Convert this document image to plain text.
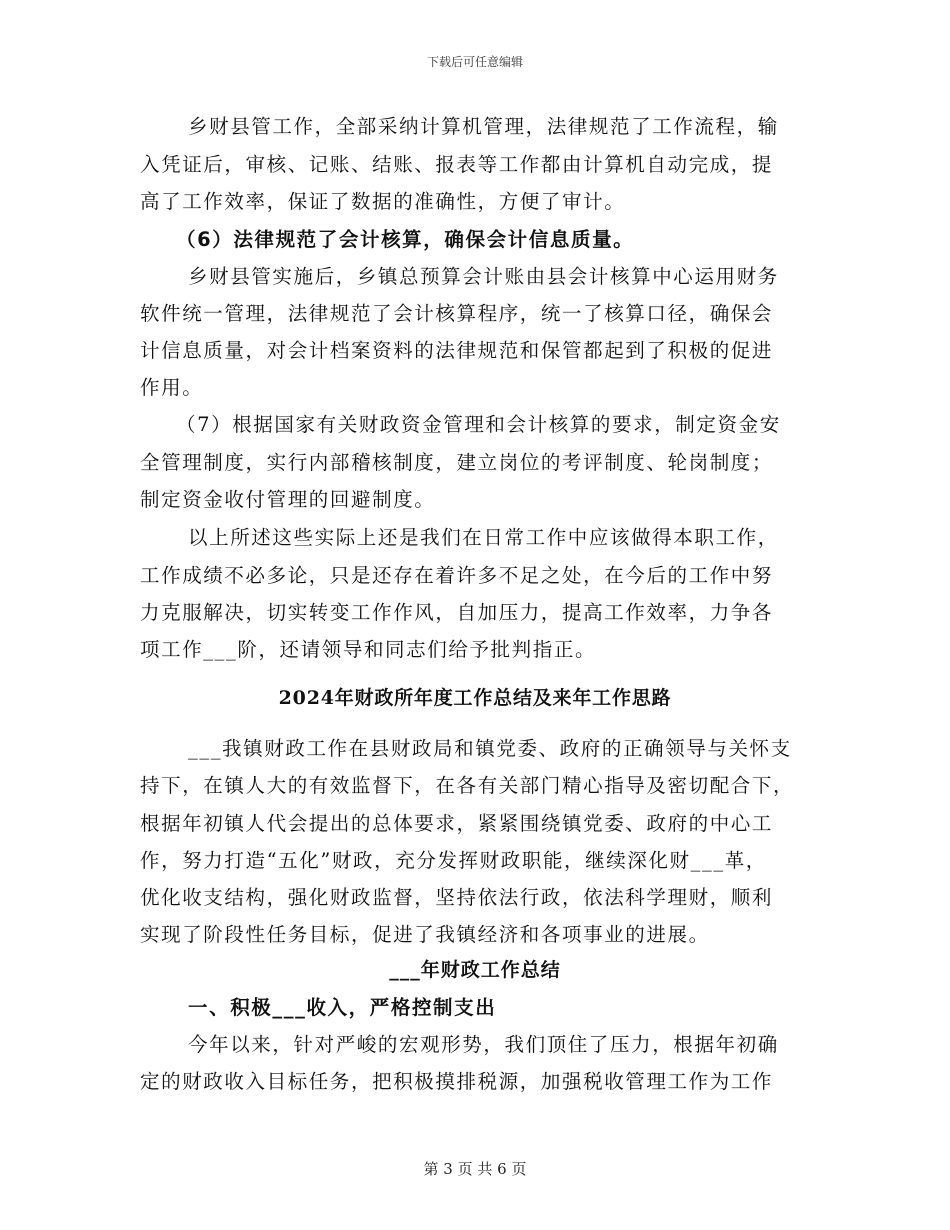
下载后可任意编辑
乡财县管工作，全部采纳计算机管理，法律规范了工作流程，输
入凭证后，审核、记账、结账、报表等工作都由计算机自动完成，提
高了工作效率，保证了数据的准确性，方便了审计。
（6）法律规范了会计核算，确保会计信息质量。
乡财县管实施后，乡镇总预算会计账由县会计核算中心运用财务
软件统一管理，法律规范了会计核算程序，统一了核算口径，确保会
计信息质量，对会计档案资料的法律规范和保管都起到了积极的促进
作用。
（7）根据国家有关财政资金管理和会计核算的要求，制定资金安
全管理制度，实行内部稽核制度，建立岗位的考评制度、轮岗制度；
制定资金收付管理的回避制度。
以上所述这些实际上还是我们在日常工作中应该做得本职工作，
工作成绩不必多论，只是还存在着许多不足之处，在今后的工作中努
力克服解决，切实转变工作作风，自加压力，提高工作效率，力争各
项工作___阶，还请领导和同志们给予批判指正。
2024年财政所年度工作总结及来年工作思路
___我镇财政工作在县财政局和镇党委、政府的正确领导与关怀支
持下，在镇人大的有效监督下，在各有关部门精心指导及密切配合下，
根据年初镇人代会提出的总体要求，紧紧围绕镇党委、政府的中心工
作，努力打造“五化”财政，充分发挥财政职能，继续深化财___革，
优化收支结构，强化财政监督，坚持依法行政，依法科学理财，顺利
实现了阶段性任务目标，促进了我镇经济和各项事业的进展。
___年财政工作总结
一、积极___收入，严格控制支出
今年以来，针对严峻的宏观形势，我们顶住了压力，根据年初确
定的财政收入目标任务，把积极摸排税源，加强税收管理工作为工作
第 3 页 共 6 页
